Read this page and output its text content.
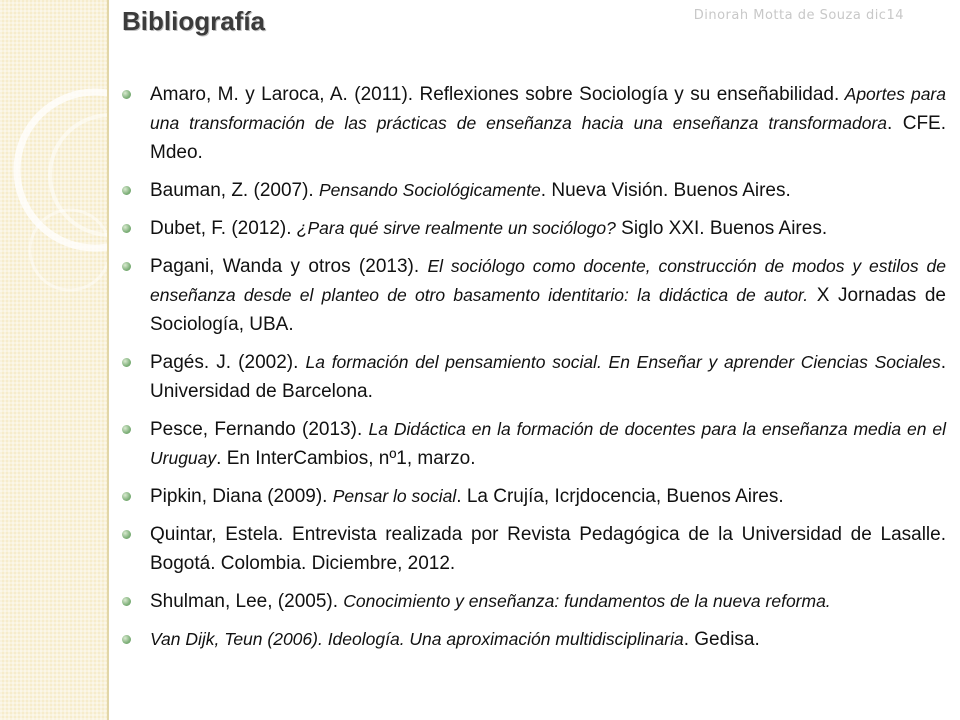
Bibliografía	Dinorah Motta de Souza dic14
Amaro, M. y Laroca, A. (2011). Reflexiones sobre Sociología y su enseñabilidad. Aportes para una transformación de las prácticas de enseñanza hacia una enseñanza transformadora. CFE. Mdeo.
Bauman, Z. (2007). Pensando Sociológicamente. Nueva Visión. Buenos Aires.
Dubet, F. (2012). ¿Para qué sirve realmente un sociólogo? Siglo XXI. Buenos Aires.
Pagani, Wanda y otros (2013). El sociólogo como docente, construcción de modos y estilos de enseñanza desde el planteo de otro basamento identitario: la didáctica de autor. X Jornadas de Sociología, UBA.
Pagés. J. (2002). La formación del pensamiento social. En Enseñar y aprender Ciencias Sociales. Universidad de Barcelona.
Pesce, Fernando (2013). La Didáctica en la formación de docentes para la enseñanza media en el Uruguay. En InterCambios, nº1, marzo.
Pipkin, Diana (2009). Pensar lo social. La Crujía, Icrjdocencia, Buenos Aires.
Quintar, Estela. Entrevista realizada por Revista Pedagógica de la Universidad de Lasalle. Bogotá. Colombia. Diciembre, 2012.
Shulman, Lee, (2005). Conocimiento y enseñanza: fundamentos de la nueva reforma.
Van Dijk, Teun (2006). Ideología. Una aproximación multidisciplinaria. Gedisa.
